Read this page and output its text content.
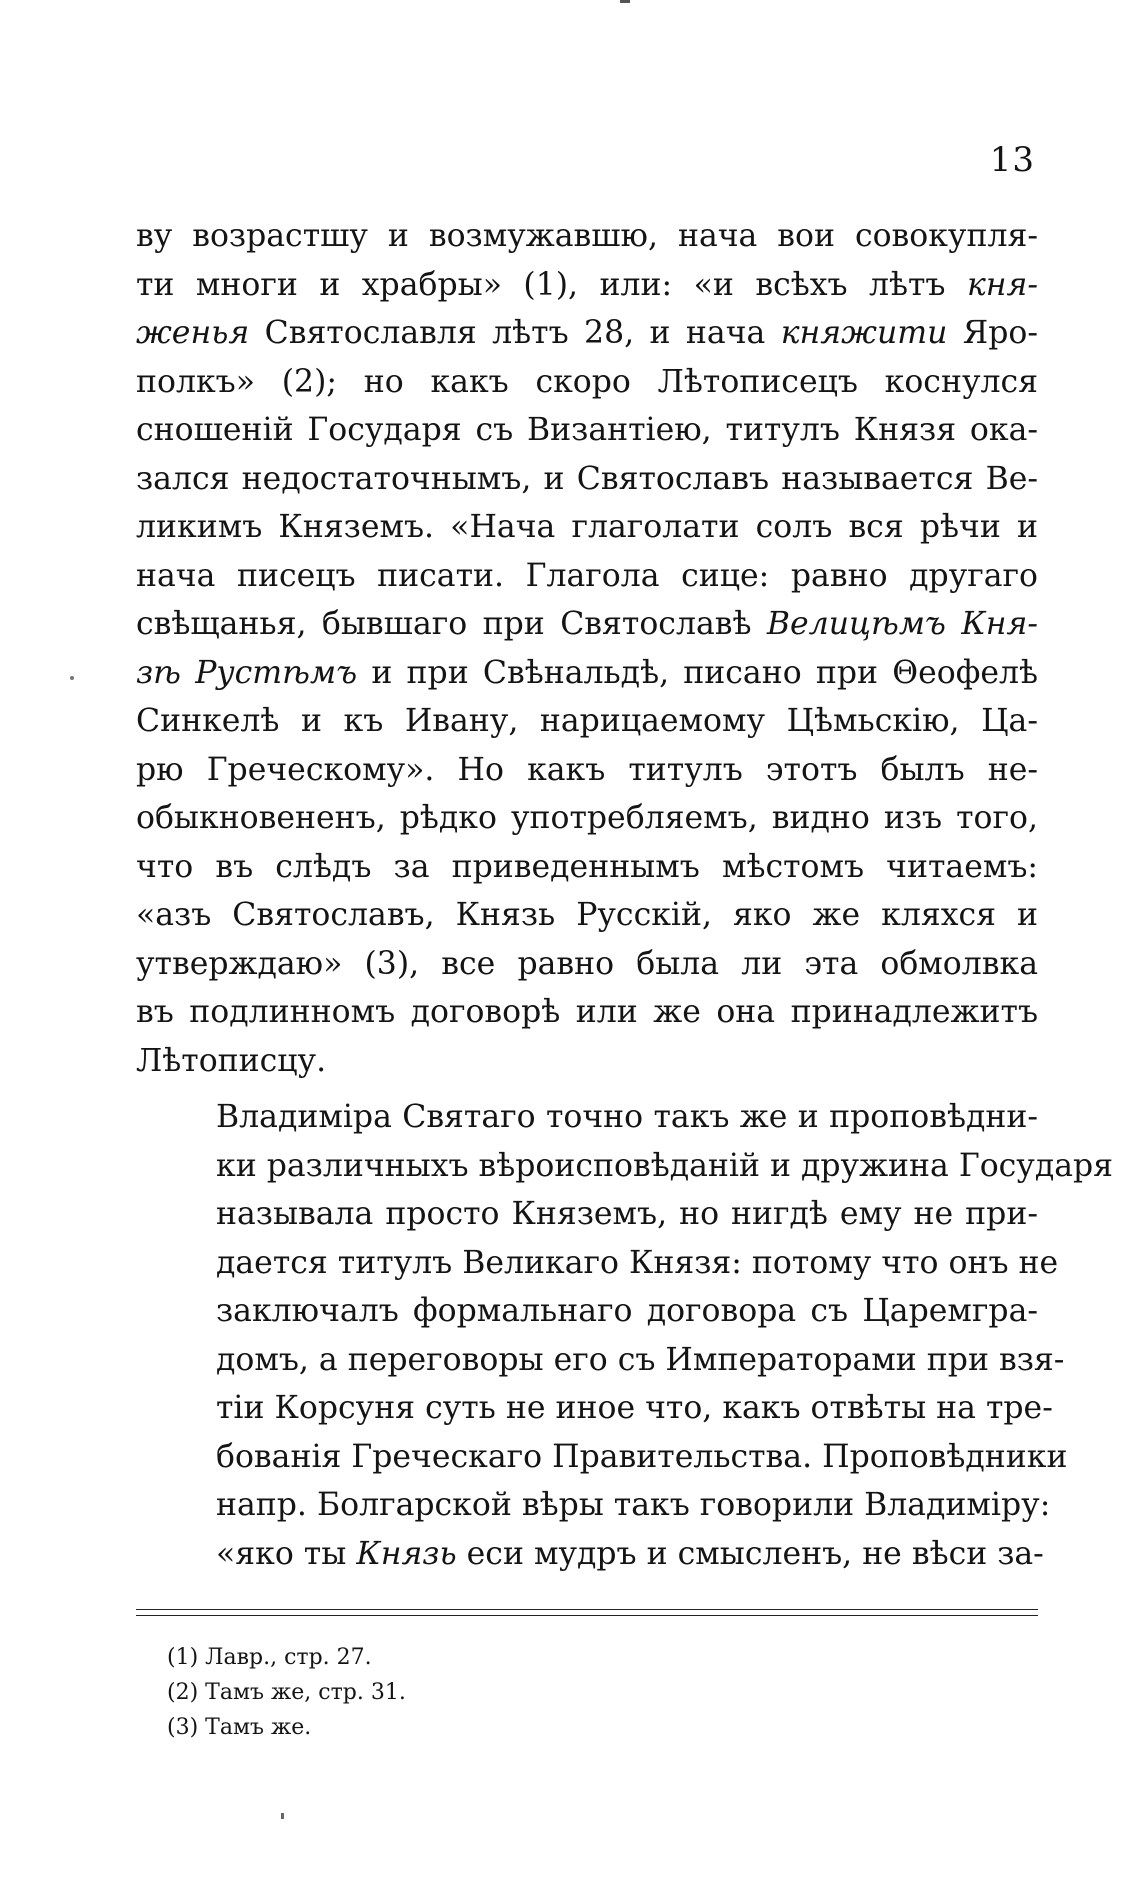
13

ву возрастшу и возмужавшю, нача вои совокупля-
ти многи и храбры» (1), или: «и всѣхъ лѣтъ кня-
женья Святославля лѣтъ 28, и нача княжити Яро-
полкъ» (2); но какъ скоро Лѣтописецъ коснулся
сношеній Государя съ Византіею, титулъ Князя ока-
зался недостаточнымъ, и Святославъ называется Ве-
ликимъ Княземъ. «Нача глаголати солъ вся рѣчи и
нача писецъ писати. Глагола сице: равно другаго
свѣщанья, бывшаго при Святославѣ Велицѣмъ Кня-
зѣ Рустѣмъ и при Свѣнальдѣ, писано при Θеофелѣ
Синкелѣ и къ Ивану, нарицаемому Цѣмьскію, Ца-
рю Греческому». Но какъ титулъ этотъ былъ не-
обыкновененъ, рѣдко употребляемъ, видно изъ того,
что въ слѣдъ за приведеннымъ мѣстомъ читаемъ:
«азъ Святославъ, Князь Русскій, яко же кляхся и
утверждаю» (3), все равно была ли эта обмолвка
въ подлинномъ договорѣ или же она принадлежитъ
Лѣтописцу.

Владиміра Святаго точно такъ же и проповѣдни-
ки различныхъ вѣроисповѣданій и дружина Государя
называла просто Княземъ, но нигдѣ ему не при-
дается титулъ Великаго Князя: потому что онъ не
заключалъ формальнаго договора съ Царемгра-
домъ, а переговоры его съ Императорами при взя-
тіи Корсуня суть не иное что, какъ отвѣты на тре-
бованія Греческаго Правительства. Проповѣдники
напр. Болгарской вѣры такъ говорили Владиміру:
«яко ты Князь еси мудръ и смысленъ, не вѣси за-

(1) Лавр., стр. 27.
(2) Тамъ же, стр. 31.
(3) Тамъ же.
